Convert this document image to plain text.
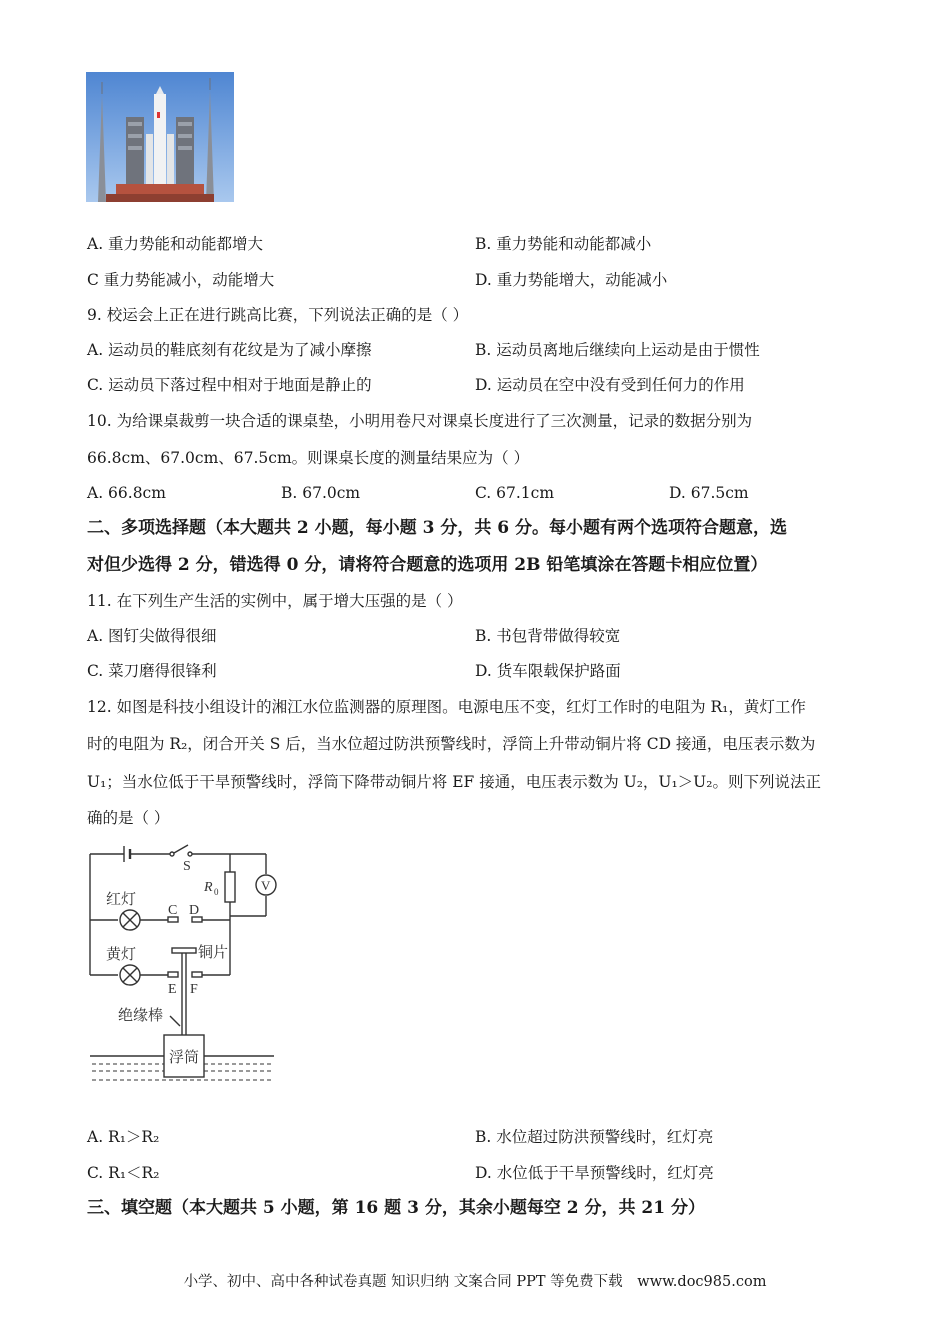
A. 重力势能和动能都增大	B. 重力势能和动能都减小
C 重力势能减小，动能增大	D. 重力势能增大，动能减小
9. 校运会上正在进行跳高比赛，下列说法正确的是（ ）
A. 运动员的鞋底刻有花纹是为了减小摩擦	B. 运动员离地后继续向上运动是由于惯性
C. 运动员下落过程中相对于地面是静止的	D. 运动员在空中没有受到任何力的作用
10. 为给课桌裁剪一块合适的课桌垫，小明用卷尺对课桌长度进行了三次测量，记录的数据分别为
66.8cm、67.0cm、67.5cm。则课桌长度的测量结果应为（ ）
A. 66.8cm	B. 67.0cm	C. 67.1cm	D. 67.5cm
二、多项选择题（本大题共 2 小题，每小题 3 分，共 6 分。每小题有两个选项符合题意，选
对但少选得 2 分，错选得 0 分，请将符合题意的选项用 2B 铅笔填涂在答题卡相应位置）
11. 在下列生产生活的实例中，属于增大压强的是（ ）
A. 图钉尖做得很细	B. 书包背带做得较宽
C. 菜刀磨得很锋利	D. 货车限载保护路面
12. 如图是科技小组设计的湘江水位监测器的原理图。电源电压不变，红灯工作时的电阻为 R₁，黄灯工作
时的电阻为 R₂，闭合开关 S 后，当水位超过防洪预警线时，浮筒上升带动铜片将 CD 接通，电压表示数为
U₁；当水位低于干旱预警线时，浮筒下降带动铜片将 EF 接通，电压表示数为 U₂，U₁＞U₂。则下列说法正
确的是（ ）
S
R 0	V
红灯
C D
黄灯
E F
铜片
绝缘棒
浮筒
A. R₁＞R₂	B. 水位超过防洪预警线时，红灯亮
C. R₁＜R₂	D. 水位低于干旱预警线时，红灯亮
三、填空题（本大题共 5 小题，第 16 题 3 分，其余小题每空 2 分，共 21 分）
小学、初中、高中各种试卷真题 知识归纳 文案合同 PPT 等免费下载 www.doc985.com
